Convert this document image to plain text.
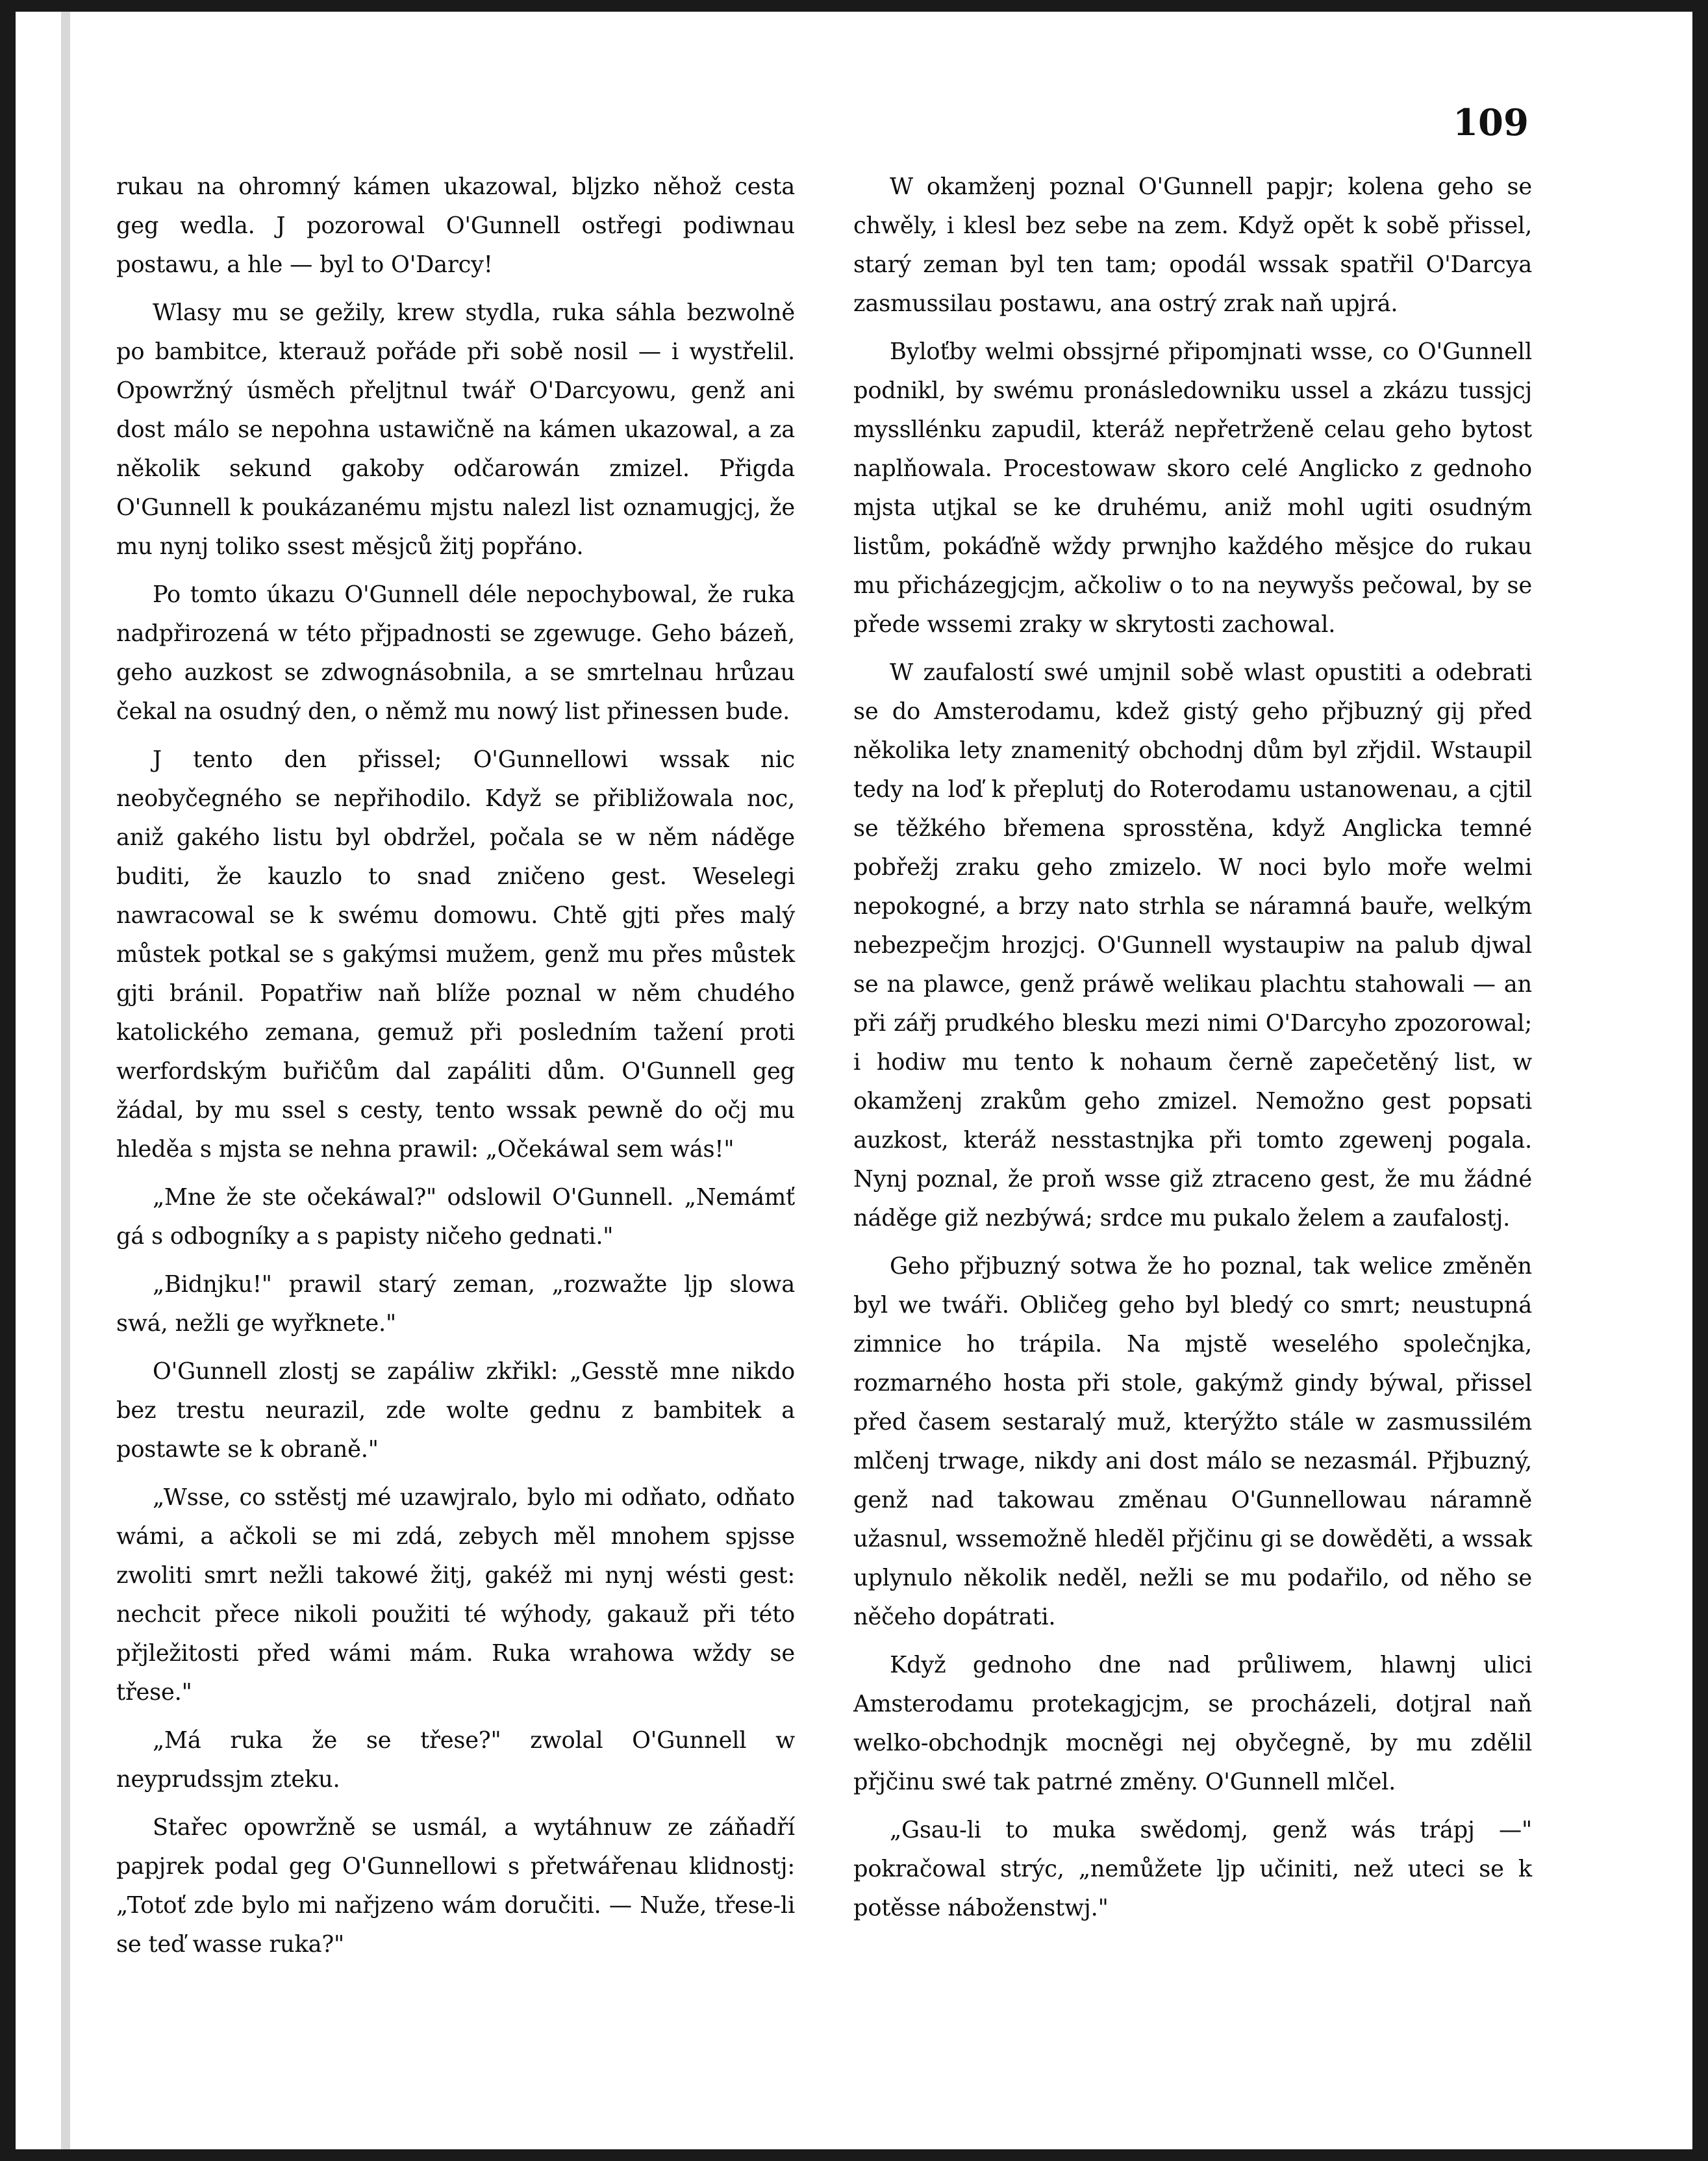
109

rukau na ohromný kámen ukazowal, bljzko něhož cesta geg wedla. J pozorowal O'Gunnell ostřegi podiwnau postawu, a hle — byl to O'Darcy!

Wlasy mu se gežily, krew stydla, ruka sáhla bezwolně po bambitce, kterauž pořáde při sobě nosil — i wystřelil. Opowržný úsměch přeljtnul twář O'Darcyowu, genž ani dost málo se nepohna ustawičně na kámen ukazowal, a za několik sekund gakoby odčarowán zmizel. Přigda O'Gunnell k poukázanému mjstu nalezl list oznamugjcj, že mu nynj toliko ssest měsjců žitj popřáno.

Po tomto úkazu O'Gunnell déle nepochybowal, že ruka nadpřirozená w této přjpadnosti se zgewuge. Geho bázeň, geho auzkost se zdwognásobnila, a se smrtelnau hrůzau čekal na osudný den, o němž mu nowý list přinessen bude.

J tento den přissel; O'Gunnellowi wssak nic neobyčegného se nepřihodilo. Když se přibližowala noc, aniž gakého listu byl obdržel, počala se w něm náděge buditi, že kauzlo to snad zničeno gest. Weselegi nawracowal se k swému domowu. Chtě gjti přes malý můstek potkal se s gakýmsi mužem, genž mu přes můstek gjti bránil. Popatřiw naň blíže poznal w něm chudého katolického zemana, gemuž při posledním tažení proti werfordským buřičům dal zapáliti dům. O'Gunnell geg žádal, by mu ssel s cesty, tento wssak pewně do očj mu hleděa s mjsta se nehna prawil: „Očekáwal sem wás!"

„Mne že ste očekáwal?" odslowil O'Gunnell. „Nemámť gá s odbogníky a s papisty ničeho gednati."

„Bidnjku!" prawil starý zeman, „rozwažte ljp slowa swá, nežli ge wyřknete."

O'Gunnell zlostj se zapáliw zkřikl: „Gesstě mne nikdo bez trestu neurazil, zde wolte gednu z bambitek a postawte se k obraně."

„Wsse, co sstěstj mé uzawjralo, bylo mi odňato, odňato wámi, a ačkoli se mi zdá, zebych měl mnohem spjsse zwoliti smrt nežli takowé žitj, gakéž mi nynj wésti gest: nechcit přece nikoli použiti té wýhody, gakauž při této přjležitosti před wámi mám. Ruka wrahowa wždy se třese."

„Má ruka že se třese?" zwolal O'Gunnell w neyprudssjm zteku.

Stařec opowržně se usmál, a wytáhnuw ze záňadří papjrek podal geg O'Gunnellowi s přetwářenau klidnostj: „Totoť zde bylo mi nařjzeno wám doručiti. — Nuže, třese-li se teď wasse ruka?"

W okamženj poznal O'Gunnell papjr; kolena geho se chwěly, i klesl bez sebe na zem. Když opět k sobě přissel, starý zeman byl ten tam; opodál wssak spatřil O'Darcya zasmussilau postawu, ana ostrý zrak naň upjrá.

Byloťby welmi obssjrné připomjnati wsse, co O'Gunnell podnikl, by swému pronásledowniku ussel a zkázu tussjcj myssllénku zapudil, kteráž nepřetrženě celau geho bytost naplňowala. Procestowaw skoro celé Anglicko z gednoho mjsta utjkal se ke druhému, aniž mohl ugiti osudným listům, pokáďně wždy prwnjho každého měsjce do rukau mu přicházegjcjm, ačkoliw o to na neywyšs pečowal, by se přede wssemi zraky w skrytosti zachowal.

W zaufalostí swé umjnil sobě wlast opustiti a odebrati se do Amsterodamu, kdež gistý geho přjbuzný gij před několika lety znamenitý obchodnj dům byl zřjdil. Wstaupil tedy na loď k přeplutj do Roterodamu ustanowenau, a cjtil se těžkého břemena sprosstěna, když Anglicka temné pobřežj zraku geho zmizelo. W noci bylo moře welmi nepokogné, a brzy nato strhla se náramná bauře, welkým nebezpečjm hrozjcj. O'Gunnell wystaupiw na palub djwal se na plawce, genž práwě welikau plachtu stahowali — an při zářj prudkého blesku mezi nimi O'Darcyho zpozorowal; i hodiw mu tento k nohaum černě zapečetěný list, w okamženj zrakům geho zmizel. Nemožno gest popsati auzkost, kteráž nesstastnjka při tomto zgewenj pogala. Nynj poznal, že proň wsse giž ztraceno gest, že mu žádné náděge giž nezbýwá; srdce mu pukalo želem a zaufalostj.

Geho přjbuzný sotwa že ho poznal, tak welice změněn byl we twáři. Obličeg geho byl bledý co smrt; neustupná zimnice ho trápila. Na mjstě weselého společnjka, rozmarného hosta při stole, gakýmž gindy býwal, přissel před časem sestaralý muž, kterýžto stále w zasmussilém mlčenj trwage, nikdy ani dost málo se nezasmál. Přjbuzný, genž nad takowau změnau O'Gunnellowau náramně užasnul, wssemožně hleděl přjčinu gi se dowěděti, a wssak uplynulo několik neděl, nežli se mu podařilo, od něho se něčeho dopátrati.

Když gednoho dne nad průliwem, hlawnj ulici Amsterodamu protekagjcjm, se procházeli, dotjral naň welko-obchodnjk mocněgi nej obyčegně, by mu zdělil přjčinu swé tak patrné změny. O'Gunnell mlčel.

„Gsau-li to muka swědomj, genž wás trápj —" pokračowal strýc, „nemůžete ljp učiniti, než uteci se k potěsse náboženstwj."
